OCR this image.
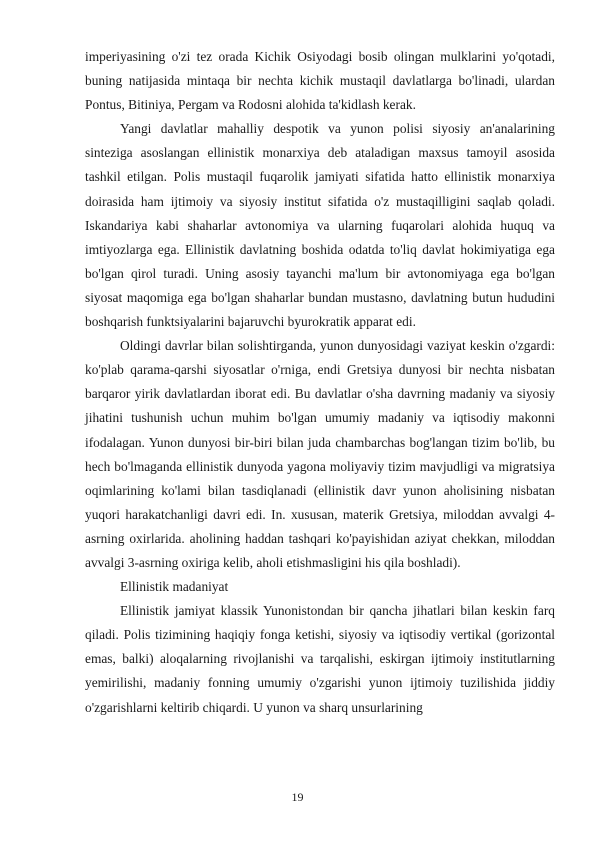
imperiyasining o'zi tez orada Kichik Osiyodagi bosib olingan mulklarini yo'qotadi, buning natijasida mintaqa bir nechta kichik mustaqil davlatlarga bo'linadi, ulardan Pontus, Bitiniya, Pergam va Rodosni alohida ta'kidlash kerak.

Yangi davlatlar mahalliy despotik va yunon polisi siyosiy an'analarining sinteziga asoslangan ellinistik monarxiya deb ataladigan maxsus tamoyil asosida tashkil etilgan. Polis mustaqil fuqarolik jamiyati sifatida hatto ellinistik monarxiya doirasida ham ijtimoiy va siyosiy institut sifatida o'z mustaqilligini saqlab qoladi. Iskandariya kabi shaharlar avtonomiya va ularning fuqarolari alohida huquq va imtiyozlarga ega. Ellinistik davlatning boshida odatda to'liq davlat hokimiyatiga ega bo'lgan qirol turadi. Uning asosiy tayanchi ma'lum bir avtonomiyaga ega bo'lgan siyosat maqomiga ega bo'lgan shaharlar bundan mustasno, davlatning butun hududini boshqarish funktsiyalarini bajaruvchi byurokratik apparat edi.

Oldingi davrlar bilan solishtirganda, yunon dunyosidagi vaziyat keskin o'zgardi: ko'plab qarama-qarshi siyosatlar o'rniga, endi Gretsiya dunyosi bir nechta nisbatan barqaror yirik davlatlardan iborat edi. Bu davlatlar o'sha davrning madaniy va siyosiy jihatini tushunish uchun muhim bo'lgan umumiy madaniy va iqtisodiy makonni ifodalagan. Yunon dunyosi bir-biri bilan juda chambarchas bog'langan tizim bo'lib, bu hech bo'lmaganda ellinistik dunyoda yagona moliyaviy tizim mavjudligi va migratsiya oqimlarining ko'lami bilan tasdiqlanadi (ellinistik davr yunon aholisining nisbatan yuqori harakatchanligi davri edi. In. xususan, materik Gretsiya, miloddan avvalgi 4-asrning oxirlarida. aholining haddan tashqari ko'payishidan aziyat chekkan, miloddan avvalgi 3-asrning oxiriga kelib, aholi etishmasligini his qila boshladi).

Ellinistik madaniyat

Ellinistik jamiyat klassik Yunonistondan bir qancha jihatlari bilan keskin farq qiladi. Polis tizimining haqiqiy fonga ketishi, siyosiy va iqtisodiy vertikal (gorizontal emas, balki) aloqalarning rivojlanishi va tarqalishi, eskirgan ijtimoiy institutlarning yemirilishi, madaniy fonning umumiy o'zgarishi yunon ijtimoiy tuzilishida jiddiy o'zgarishlarni keltirib chiqardi. U yunon va sharq unsurlarining

19
